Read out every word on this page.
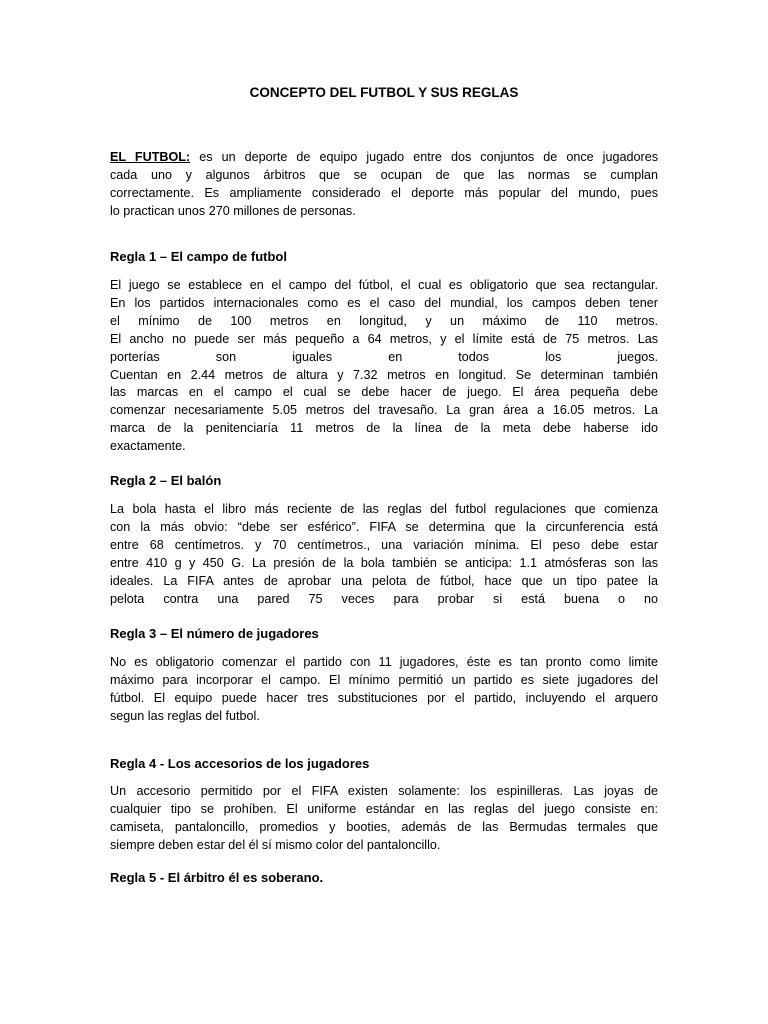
CONCEPTO DEL FUTBOL Y SUS REGLAS

EL FUTBOL: es un deporte de equipo jugado entre dos conjuntos de once jugadores
cada uno y algunos árbitros que se ocupan de que las normas se cumplan
correctamente. Es ampliamente considerado el deporte más popular del mundo, pues
lo practican unos 270 millones de personas.

Regla 1 – El campo de futbol

El juego se establece en el campo del fútbol, el cual es obligatorio que sea rectangular.
En los partidos internacionales como es el caso del mundial, los campos deben tener
el mínimo de 100 metros en longitud, y un máximo de 110 metros.
El ancho no puede ser más pequeño a 64 metros, y el límite está de 75 metros. Las
porterías son iguales en todos los juegos.
Cuentan en 2.44 metros de altura y 7.32 metros en longitud. Se determinan también
las marcas en el campo el cual se debe hacer de juego. El área pequeña debe
comenzar necesariamente 5.05 metros del travesaño. La gran área a 16.05 metros. La
marca de la penitenciaría 11 metros de la línea de la meta debe haberse ido
exactamente.

Regla 2 – El balón

La bola hasta el libro más reciente de las reglas del futbol regulaciones que comienza
con la más obvio: “debe ser esférico”. FIFA se determina que la circunferencia está
entre 68 centímetros. y 70 centímetros., una variación mínima. El peso debe estar
entre 410 g y 450 G. La presión de la bola también se anticipa: 1.1 atmósferas son las
ideales. La FIFA antes de aprobar una pelota de fútbol, hace que un tipo patee la
pelota contra una pared 75 veces para probar si está buena o no

Regla 3 – El número de jugadores

No es obligatorio comenzar el partido con 11 jugadores, éste es tan pronto como limite
máximo para incorporar el campo. El mínimo permitió un partido es siete jugadores del
fútbol. El equipo puede hacer tres substituciones por el partido, incluyendo el arquero
segun las reglas del futbol.

Regla 4 - Los accesorios de los jugadores

Un accesorio permitido por el FIFA existen solamente: los espinilleras. Las joyas de
cualquier tipo se prohíben. El uniforme estándar en las reglas del juego consiste en:
camiseta, pantaloncillo, promedios y booties, además de las Bermudas termales que
siempre deben estar del él sí mismo color del pantaloncillo.

Regla 5 - El árbitro él es soberano.
